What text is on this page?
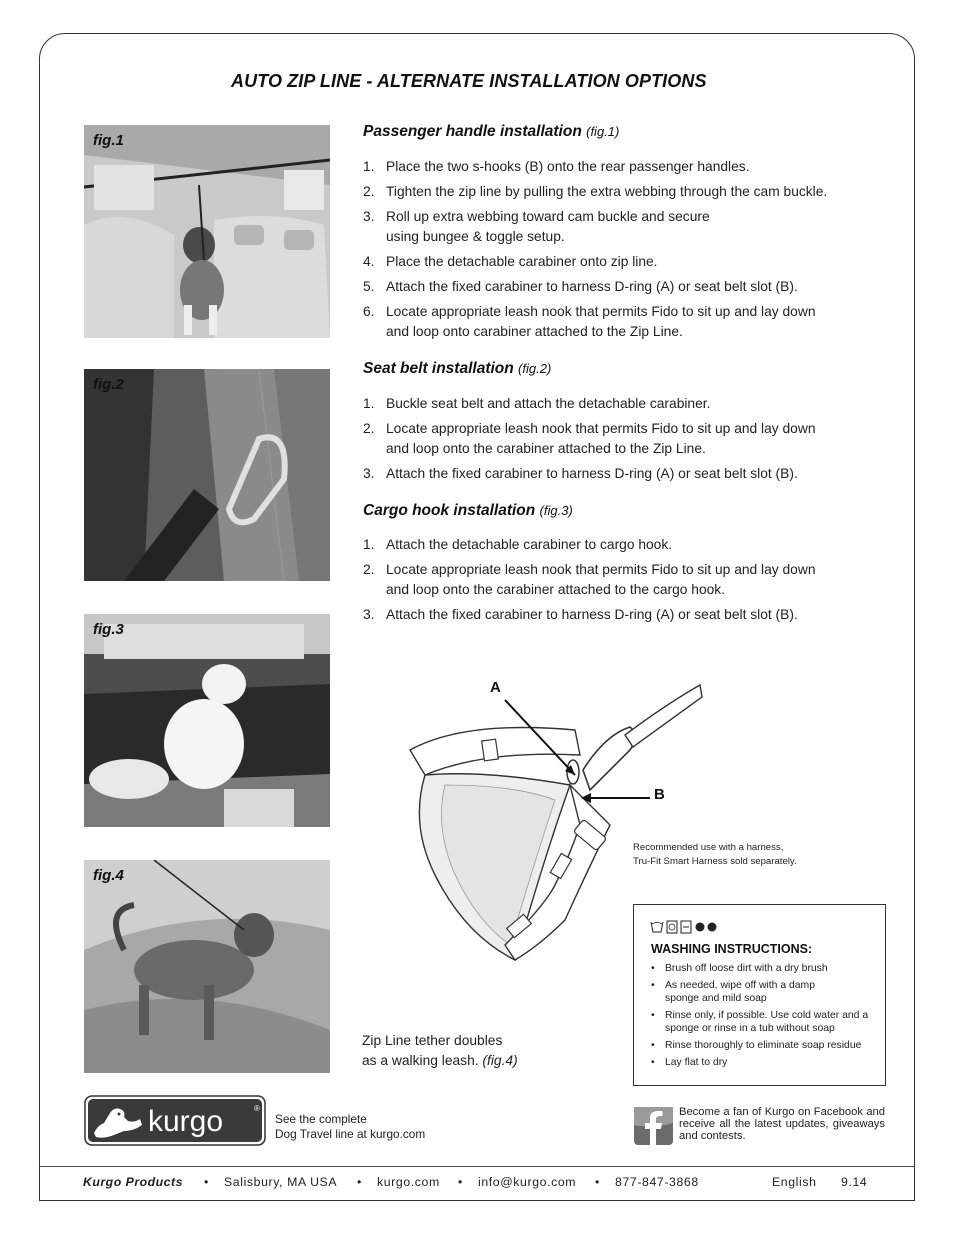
AUTO ZIP LINE - ALTERNATE INSTALLATION OPTIONS
fig.1
fig.2
fig.3
fig.4
Passenger handle installation (fig.1)
1. Place the two s-hooks (B) onto the rear passenger handles.
2. Tighten the zip line by pulling the extra webbing through the cam buckle.
3. Roll up extra webbing toward cam buckle and secure using bungee & toggle setup.
4. Place the detachable carabiner onto zip line.
5. Attach the fixed carabiner to harness D-ring (A) or seat belt slot (B).
6. Locate appropriate leash nook that permits Fido to sit up and lay down and loop onto carabiner attached to the Zip Line.
Seat belt installation (fig.2)
1. Buckle seat belt and attach the detachable carabiner.
2. Locate appropriate leash nook that permits Fido to sit up and lay down and loop onto the carabiner attached to the Zip Line.
3. Attach the fixed carabiner to harness D-ring (A) or seat belt slot (B).
Cargo hook installation (fig.3)
1. Attach the detachable carabiner to cargo hook.
2. Locate appropriate leash nook that permits Fido to sit up and lay down and loop onto the carabiner attached to the cargo hook.
3. Attach the fixed carabiner to harness D-ring (A) or seat belt slot (B).
A
B
Recommended use with a harness,
Tru-Fit Smart Harness sold separately.
WASHING INSTRUCTIONS:
• Brush off loose dirt with a dry brush
• As needed, wipe off with a damp sponge and mild soap
• Rinse only, if possible. Use cold water and a sponge or rinse in a tub without soap
• Rinse thoroughly to eliminate soap residue
• Lay flat to dry
Zip Line tether doubles
as a walking leash. (fig.4)
kurgo	®
See the complete
Dog Travel line at kurgo.com
Become a fan of Kurgo on Facebook and receive all the latest updates, giveaways and contests.
Kurgo Products • Salisbury, MA USA • kurgo.com • info@kurgo.com • 877-847-3868	English 9.14
